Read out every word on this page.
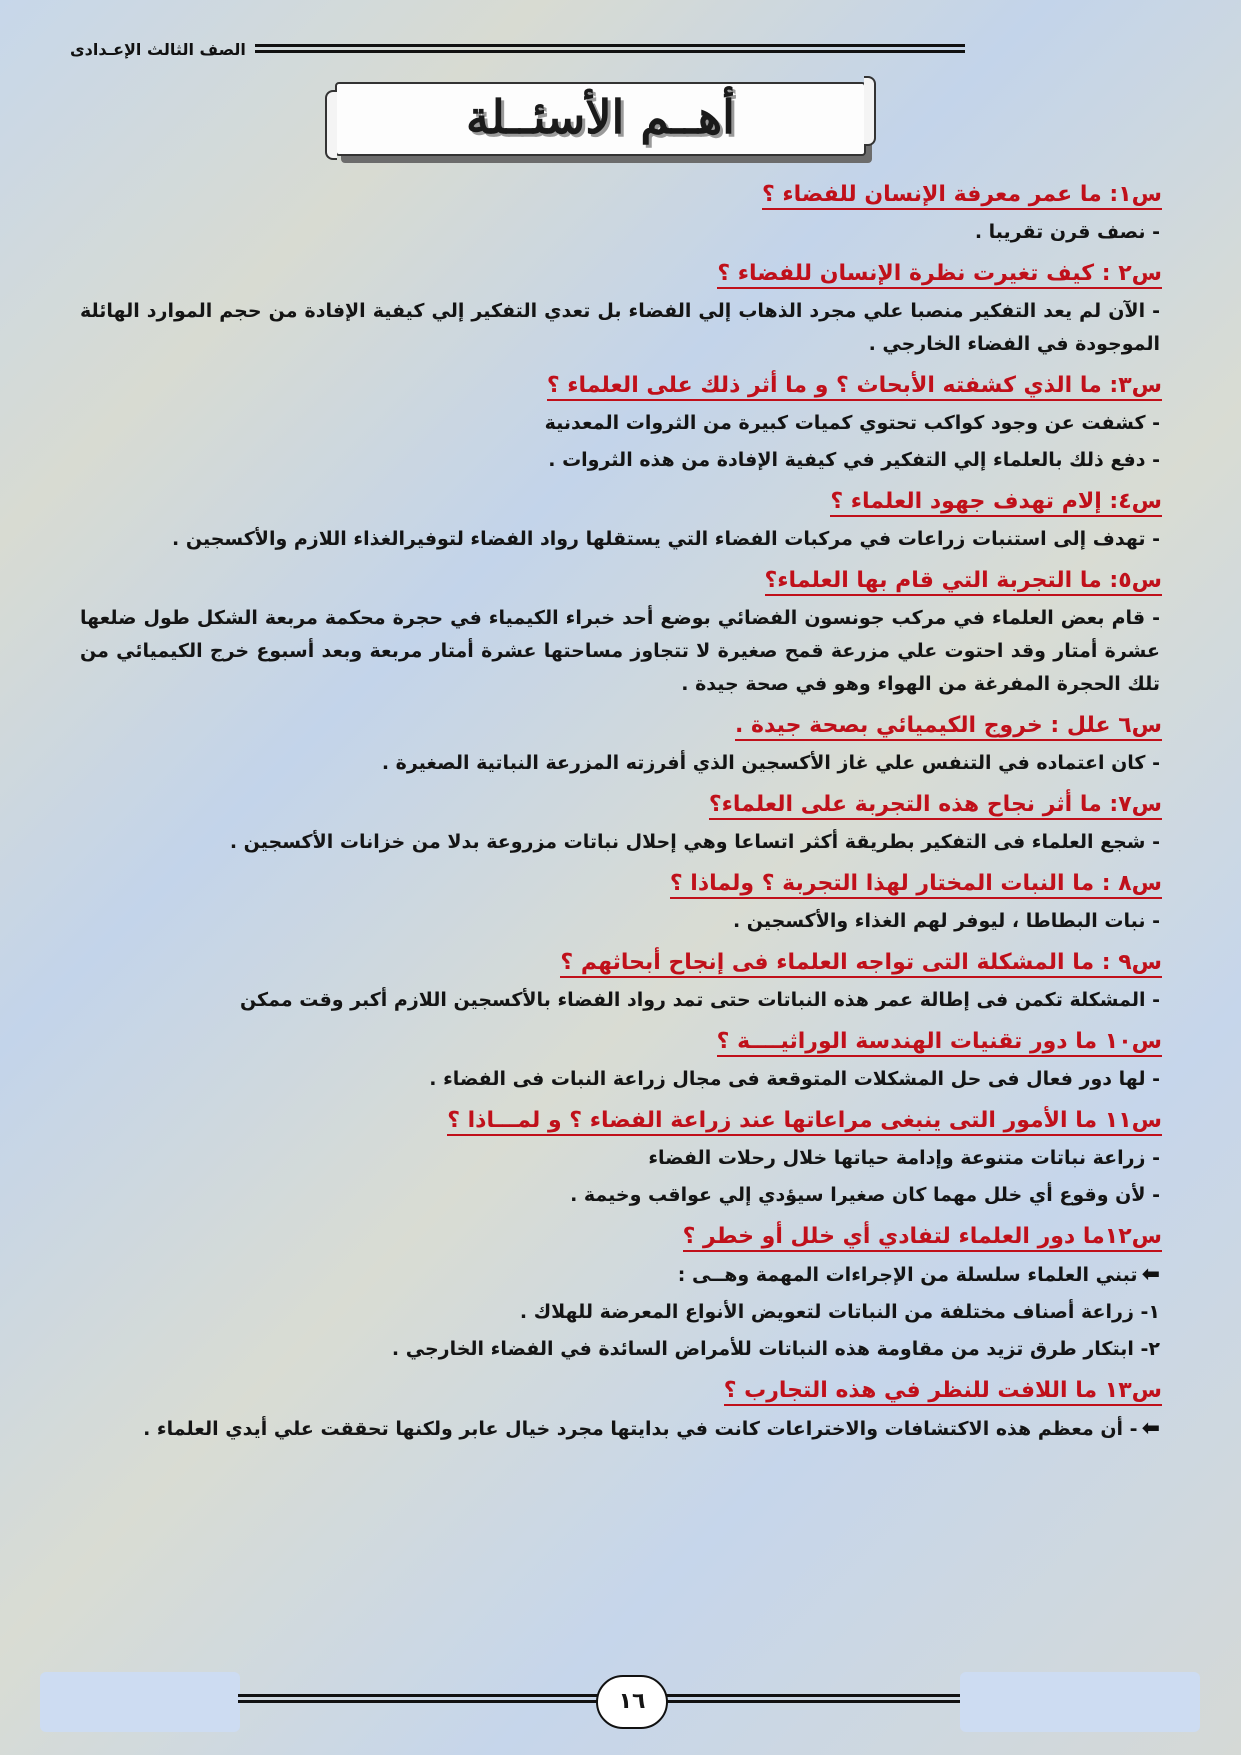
الصف الثالث الإعـدادى
أهــم الأسئــلة
س١: ما عمر معرفة الإنسان للفضاء ؟
- نصف قرن تقريبا .
س٢ : كيف تغيرت نظرة الإنسان للفضاء ؟
- الآن لم يعد التفكير منصبا علي مجرد الذهاب إلي الفضاء بل تعدي التفكير إلي كيفية الإفادة من حجم الموارد الهائلة الموجودة في الفضاء الخارجي .
س٣: ما الذي كشفته الأبحاث ؟ و ما أثر ذلك على العلماء ؟
- كشفت عن وجود كواكب تحتوي كميات كبيرة من الثروات المعدنية
- دفع ذلك بالعلماء إلي التفكير في كيفية الإفادة من هذه الثروات .
س٤: إلام تهدف جهود العلماء ؟
- تهدف إلى استنبات زراعات في مركبات الفضاء التي يستقلها رواد الفضاء لتوفيرالغذاء اللازم والأكسجين .
س٥: ما التجربة التي قام بها العلماء؟
- قام بعض العلماء في مركب جونسون الفضائي بوضع أحد خبراء الكيمياء في حجرة محكمة مربعة الشكل طول ضلعها عشرة أمتار وقد احتوت علي مزرعة قمح صغيرة لا تتجاوز مساحتها عشرة أمتار مربعة وبعد أسبوع خرج الكيميائي من تلك الحجرة المفرغة من الهواء وهو في صحة جيدة .
س٦ علل : خروج الكيميائي بصحة جيدة .
- كان اعتماده في التنفس علي غاز الأكسجين الذي أفرزته المزرعة النباتية الصغيرة .
س٧: ما أثر نجاح هذه التجربة على العلماء؟
- شجع العلماء فى التفكير بطريقة أكثر اتساعا وهي إحلال نباتات مزروعة بدلا من خزانات الأكسجين .
س٨ : ما النبات المختار لهذا التجربة ؟ ولماذا ؟
- نبات البطاطا ، ليوفر لهم الغذاء والأكسجين .
س٩ : ما المشكلة التى تواجه العلماء فى إنجاح أبحاثهم ؟
- المشكلة تكمن فى إطالة عمر هذه النباتات حتى تمد رواد الفضاء بالأكسجين اللازم أكبر وقت ممكن
س١٠ ما دور تقنيات الهندسة الوراثيــــة ؟
- لها دور فعال فى حل المشكلات المتوقعة فى مجال زراعة النبات فى الفضاء .
س١١ ما الأمور التى ينبغى مراعاتها عند زراعة الفضاء ؟ و لمـــاذا ؟
- زراعة نباتات متنوعة وإدامة حياتها خلال رحلات الفضاء
- لأن وقوع أي خلل مهما كان صغيرا سيؤدي إلي عواقب وخيمة .
س١٢ما دور العلماء لتفادي أي خلل أو خطر ؟
⬅تبني العلماء سلسلة من الإجراءات المهمة وهــى :
١- زراعة أصناف مختلفة من النباتات لتعويض الأنواع المعرضة للهلاك .
٢- ابتكار طرق تزيد من مقاومة هذه النباتات للأمراض السائدة في الفضاء الخارجي .
س١٣ ما اللافت للنظر في هذه التجارب ؟
⬅- أن معظم هذه الاكتشافات والاختراعات كانت في بدايتها مجرد خيال عابر ولكنها تحققت علي أيدي العلماء .
١٦
